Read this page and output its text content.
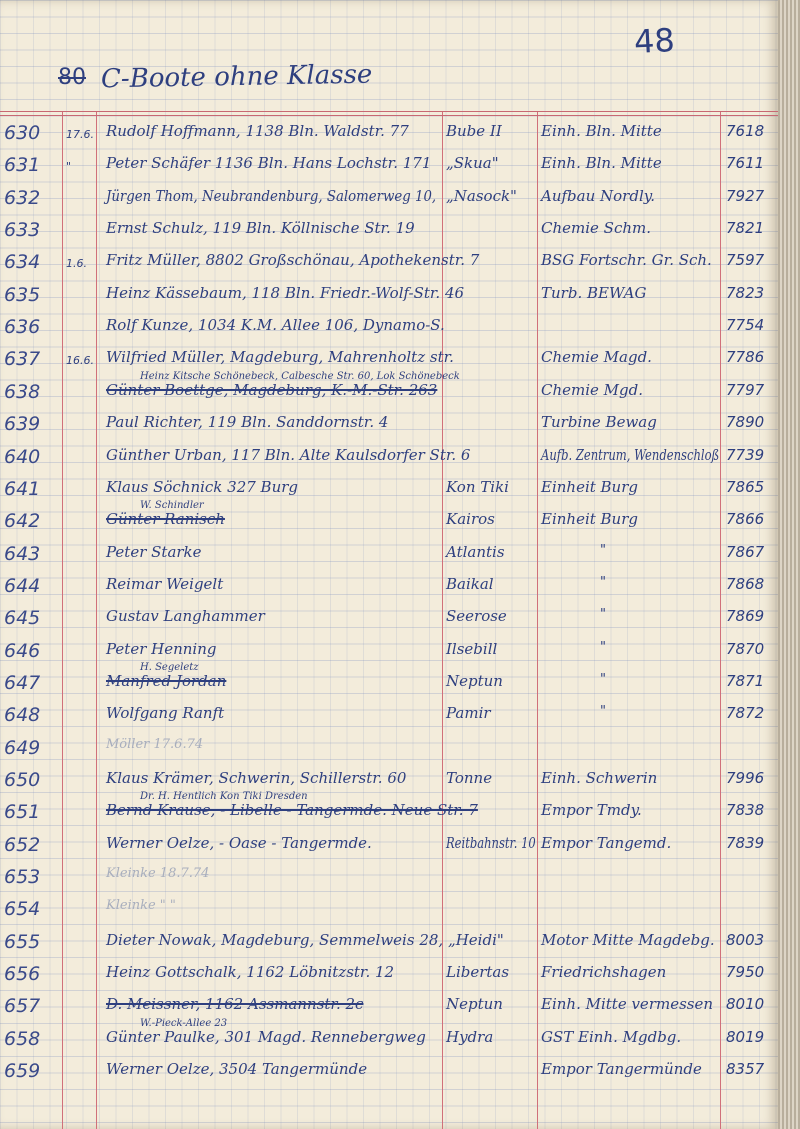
48
80 C-Boote ohne Klasse
630 17.6. Rudolf Hoffmann, 1138 Bln. Waldstr. 77 Bube II	Einh. Bln. Mitte	7618
631 " Peter Schäfer 1136 Bln. Hans Lochstr. 171 „Skua"	Einh. Bln. Mitte	7611
632	Jürgen Thom, Neubrandenburg, Salomerweg 10, „Nasock" Aufbau Nordly.	7927
633	Ernst Schulz, 119 Bln. Köllnische Str. 19	Chemie Schm.	7821
634 1.6. Fritz Müller, 8802 Großschönau, Apothekenstr. 7	BSG Fortschr. Gr. Sch. 7597
635	Heinz Kässebaum, 118 Bln. Friedr.-Wolf-Str. 46	Turb. BEWAG	7823
636	Rolf Kunze, 1034 K.M. Allee 106, Dynamo-S.	7754
637 16.6. Wilfried Müller, Magdeburg, Mahrenholtz str.	Chemie Magd.	7786
638	Günter Boettge, Magdeburg, K.-M.-Str. 263	Chemie Mgd.	7797
Heinz Kitsche Schönebeck, Calbesche Str. 60, Lok Schönebeck
639	Paul Richter, 119 Bln. Sanddornstr. 4	Turbine Bewag	7890
640	Günther Urban, 117 Bln. Alte Kaulsdorfer Str. 6	Aufb. Zentrum, Wendenschloß 7739
641	Klaus Söchnick 327 Burg	Kon Tiki Einheit Burg	7865
642	Günter Ranisch	Kairos	Einheit Burg	7866
W. Schindler
643	Peter Starke	Atlantis	"	7867
644	Reimar Weigelt	Baikal	"	7868
645	Gustav Langhammer	Seerose	"	7869
646	Peter Henning	Ilsebill	"	7870
647	Manfred Jordan	Neptun	"	7871
H. Segeletz
648	Wolfgang Ranft	Pamir	"	7872
649	Möller 17.6.74
650	Klaus Krämer, Schwerin, Schillerstr. 60	Tonne	Einh. Schwerin	7996
651	Bernd Krause, - Libelle - Tangermde. Neue Str. 7	Empor Tmdy.	7838
Dr. H. Hentlich Kon Tiki Dresden
652	Werner Oelze, - Oase - Tangermde.	Reitbahnstr. 10 Empor Tangemd.	7839
653	Kleinke 18.7.74
654	Kleinke " "
655	Dieter Nowak, Magdeburg, Semmelweis 28, „Heidi" Motor Mitte Magdebg. 8003
656	Heinz Gottschalk, 1162 Löbnitzstr. 12	Libertas Friedrichshagen	7950
657	D. Meissner, 1162 Assmannstr. 2c	Neptun	Einh. Mitte vermessen 8010
658	Günter Paulke, 301 Magd. Rennebergweg Hydra	GST Einh. Mgdbg.	8019
W.-Pieck-Allee 23
659	Werner Oelze, 3504 Tangermünde	Empor Tangermünde 8357
